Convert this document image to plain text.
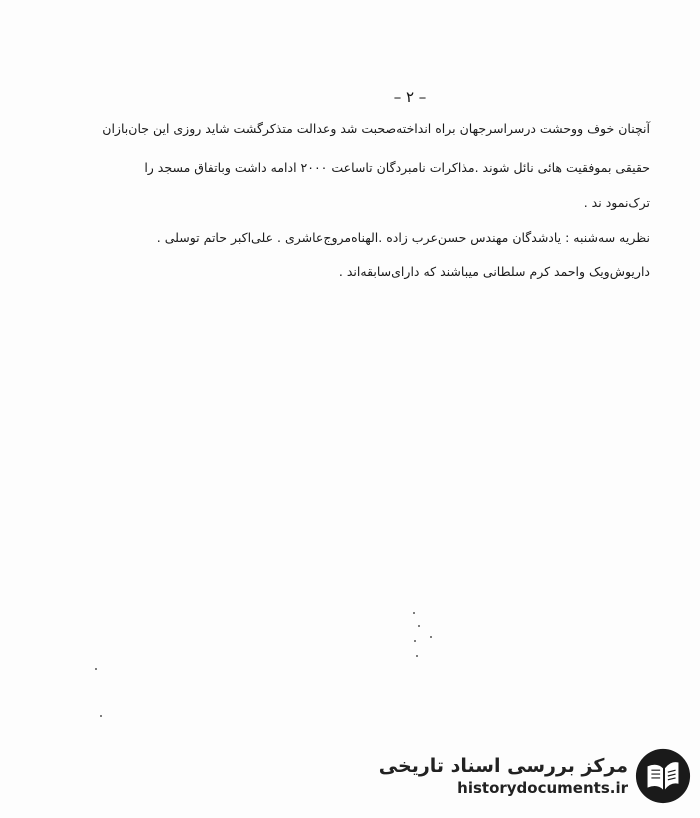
– ۲ –
آنچنان خوف ووحشت درسراسرجهان براه انداخته‌صحبت شد وعدالت متذکرگشت شاید روزی این جان‌بازان
حقیقی بموفقیت هائی نائل شوند .مذاکرات نامبردگان تاساعت ۲۰۰۰ ادامه داشت وباتفاق مسجد را
ترک‌نمود ند .
نظریه سه‌شنبه : یادشدگان مهندس حسن‌عرب زاده .الهناه‌مروج‌عاشری . علی‌اکبر حاتم توسلی .
داریوش‌ویک واحمد کرم سلطانی میباشند که دارای‌سابقه‌اند .
مرکز بررسی اسناد تاریخی
historydocuments.ir
